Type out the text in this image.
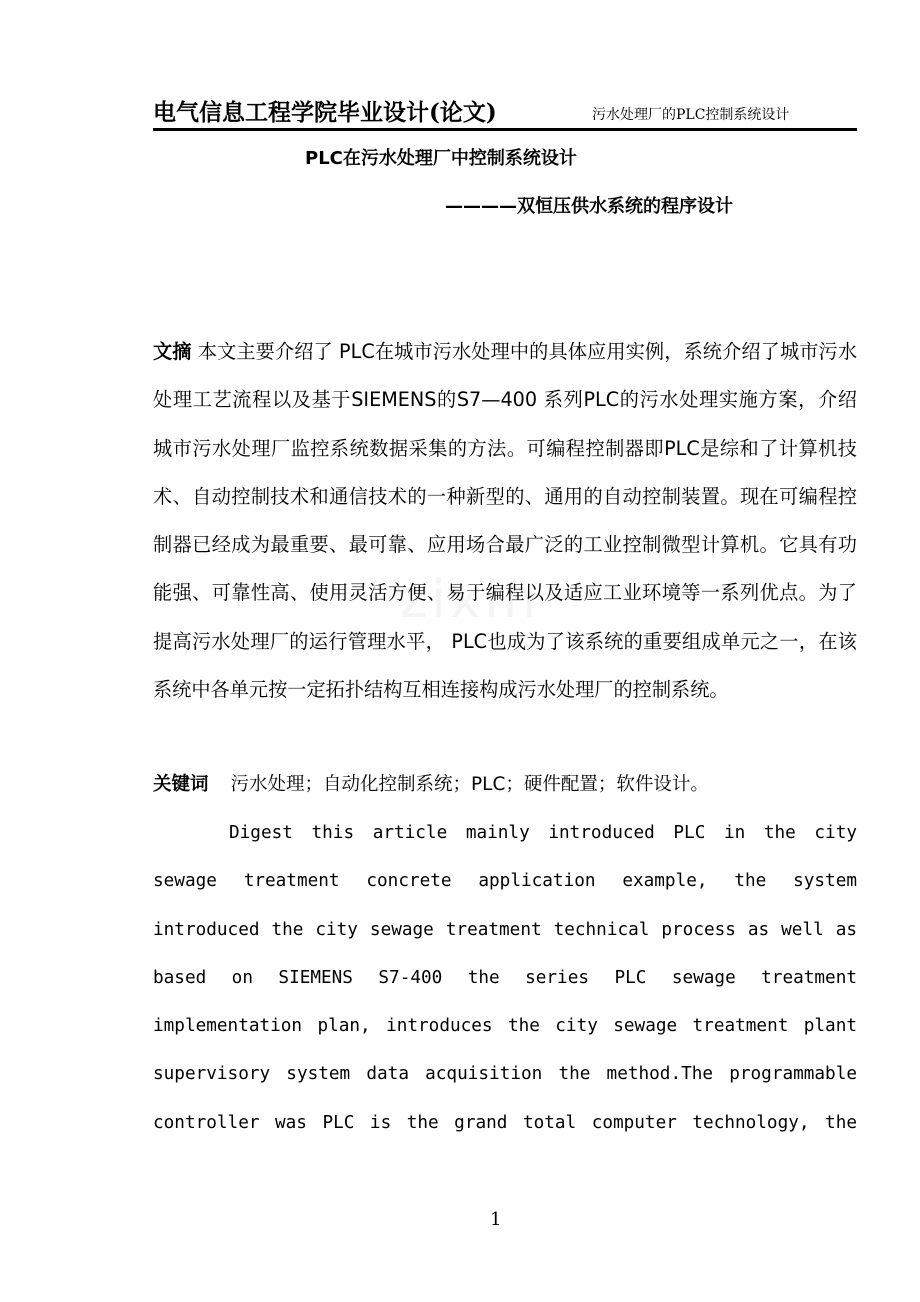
电气信息工程学院毕业设计(论文)	污水处理厂的PLC控制系统设计
PLC在污水处理厂中控制系统设计
————双恒压供水系统的程序设计

文摘 本文主要介绍了 PLC在城市污水处理中的具体应用实例，系统介绍了城市污水处理工艺流程以及基于SIEMENS的S7—400 系列PLC的污水处理实施方案，介绍城市污水处理厂监控系统数据采集的方法。可编程控制器即PLC是综和了计算机技术、自动控制技术和通信技术的一种新型的、通用的自动控制装置。现在可编程控制器已经成为最重要、最可靠、应用场合最广泛的工业控制微型计算机。它具有功能强、可靠性高、使用灵活方便、易于编程以及适应工业环境等一系列优点。为了提高污水处理厂的运行管理水平， PLC也成为了该系统的重要组成单元之一，在该系统中各单元按一定拓扑结构互相连接构成污水处理厂的控制系统。

关键词 污水处理；自动化控制系统；PLC；硬件配置；软件设计。

Digest this article mainly introduced PLC in the city sewage treatment concrete application example, the system introduced the city sewage treatment technical process as well as based on SIEMENS S7-400 the series PLC sewage treatment implementation plan, introduces the city sewage treatment plant supervisory system data acquisition the method.The programmable controller was PLC is the grand total computer technology, the

1
